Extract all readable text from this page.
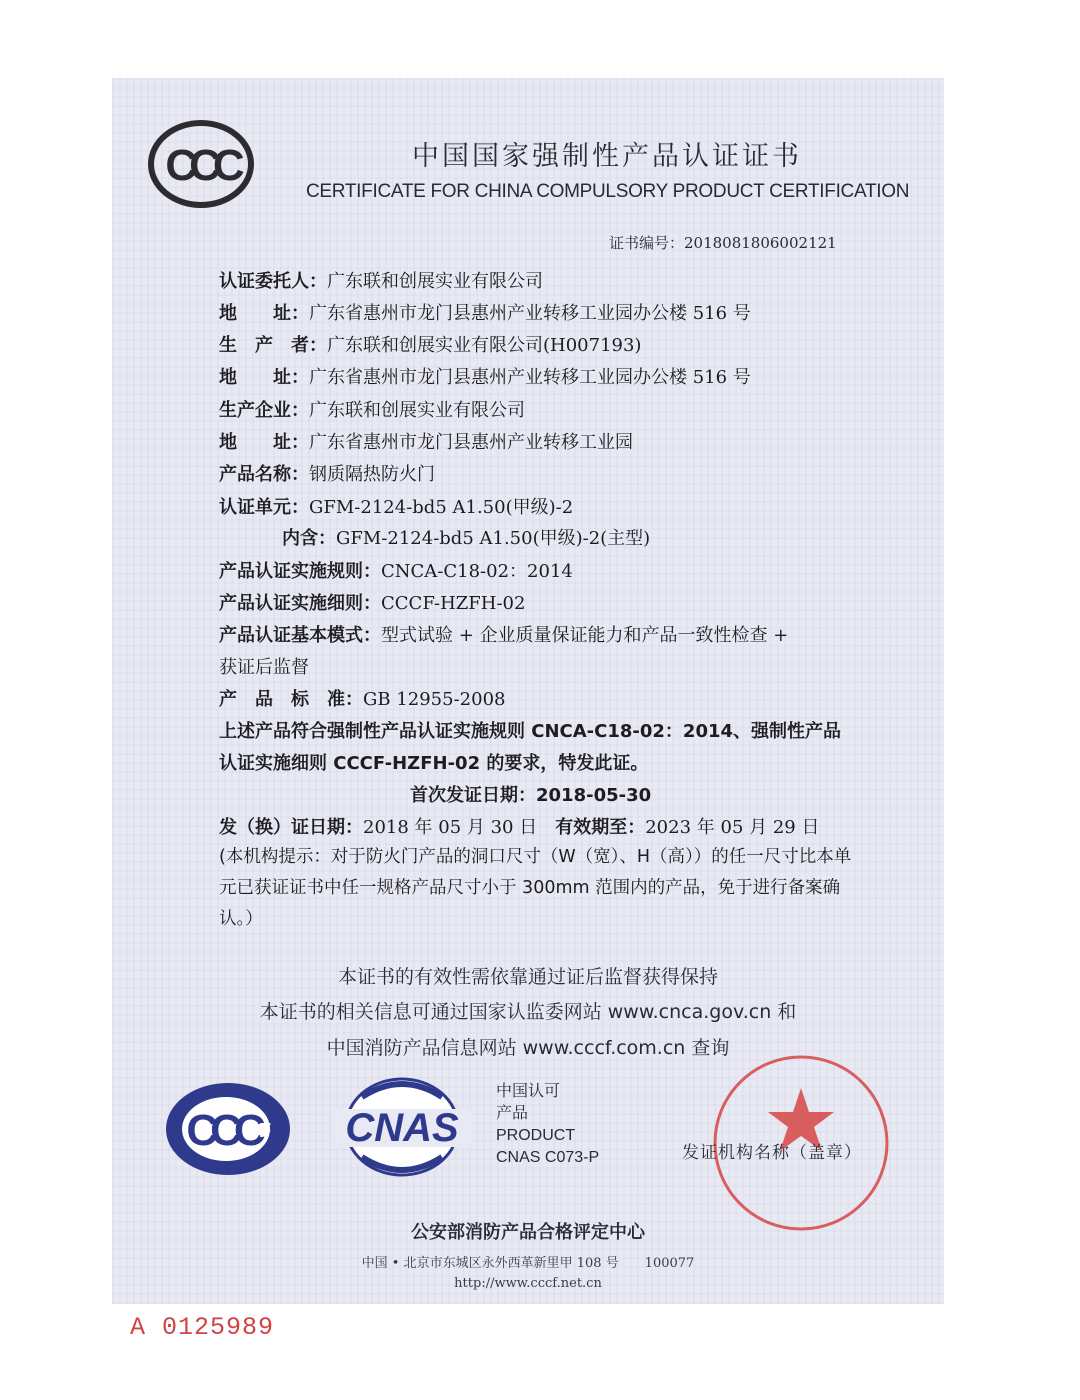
CCC	中国国家强制性产品认证证书
CERTIFICATE FOR CHINA COMPULSORY PRODUCT CERTIFICATION
证书编号：2018081806002121
认证委托人：广东联和创展实业有限公司
地　　址：广东省惠州市龙门县惠州产业转移工业园办公楼 516 号
生　产　者：广东联和创展实业有限公司(H007193)
地　　址：广东省惠州市龙门县惠州产业转移工业园办公楼 516 号
生产企业：广东联和创展实业有限公司
地　　址：广东省惠州市龙门县惠州产业转移工业园
产品名称：钢质隔热防火门
认证单元：GFM-2124-bd5 A1.50(甲级)-2
内含：GFM-2124-bd5 A1.50(甲级)-2(主型)
产品认证实施规则：CNCA-C18-02：2014
产品认证实施细则：CCCF-HZFH-02
产品认证基本模式：型式试验 + 企业质量保证能力和产品一致性检查 +
获证后监督
产　品　标　准：GB 12955-2008
上述产品符合强制性产品认证实施规则 CNCA-C18-02：2014、强制性产品
认证实施细则 CCCF-HZFH-02 的要求，特发此证。
首次发证日期：2018-05-30
发（换）证日期：2018 年 05 月 30 日　 有效期至：2023 年 05 月 29 日
(本机构提示：对于防火门产品的洞口尺寸（W（宽）、H（高））的任一尺寸比本单元已获证证书中任一规格产品尺寸小于 300mm 范围内的产品，免于进行备案确认。）
本证书的有效性需依靠通过证后监督获得保持
本证书的相关信息可通过国家认监委网站 www.cnca.gov.cn 和
中国消防产品信息网站 www.cccf.com.cn 查询
CCC F CNAS
中国认可
产品
PRODUCT
CNAS C073-P	发证机构名称（盖章）
公安部消防产品合格评定中心
中国 • 北京市东城区永外西革新里甲 108 号　　100077
http://www.cccf.net.cn
A 0125989
